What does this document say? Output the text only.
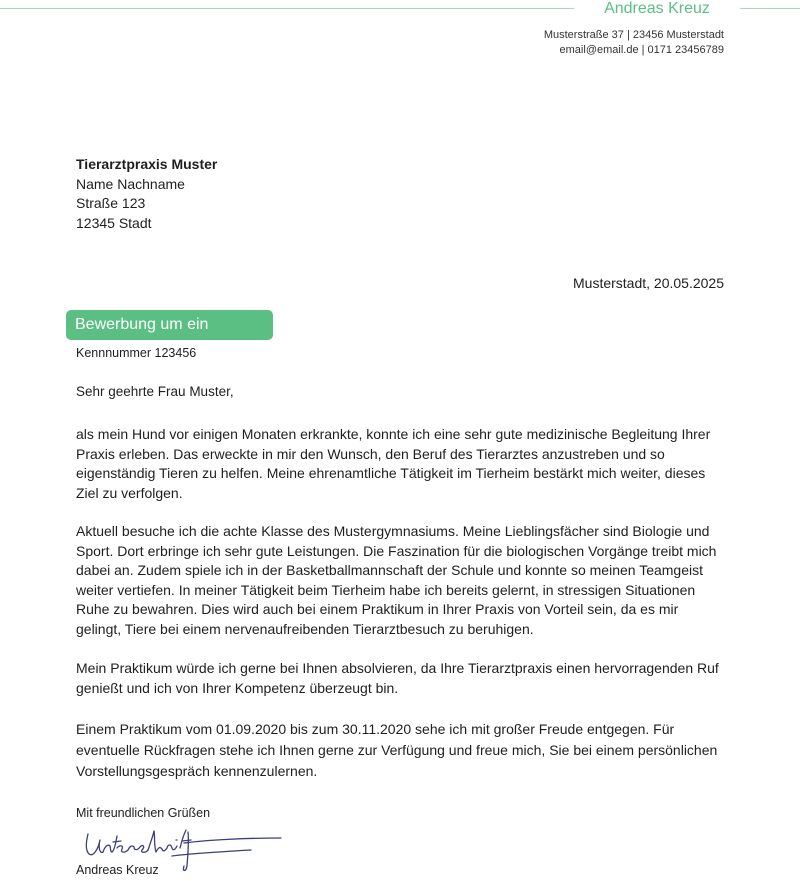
Andreas Kreuz
Musterstraße 37 | 23456 Musterstadt
email@email.de | 0171 23456789
Tierarztpraxis Muster
Name Nachname
Straße 123
12345 Stadt
Musterstadt, 20.05.2025
Bewerbung um ein
Kennnummer 123456
Sehr geehrte Frau Muster,

als mein Hund vor einigen Monaten erkrankte, konnte ich eine sehr gute medizinische Begleitung Ihrer Praxis erleben. Das erweckte in mir den Wunsch, den Beruf des Tierarztes anzustreben und so eigenständig Tieren zu helfen. Meine ehrenamtliche Tätigkeit im Tierheim bestärkt mich weiter, dieses Ziel zu verfolgen.

Aktuell besuche ich die achte Klasse des Mustergymnasiums. Meine Lieblingsfächer sind Biologie und Sport. Dort erbringe ich sehr gute Leistungen. Die Faszination für die biologischen Vorgänge treibt mich dabei an. Zudem spiele ich in der Basketballmannschaft der Schule und konnte so meinen Teamgeist weiter vertiefen. In meiner Tätigkeit beim Tierheim habe ich bereits gelernt, in stressigen Situationen Ruhe zu bewahren. Dies wird auch bei einem Praktikum in Ihrer Praxis von Vorteil sein, da es mir gelingt, Tiere bei einem nervenaufreibenden Tierarztbesuch zu beruhigen.

Mein Praktikum würde ich gerne bei Ihnen absolvieren, da Ihre Tierarztpraxis einen hervorragenden Ruf genießt und ich von Ihrer Kompetenz überzeugt bin.

Einem Praktikum vom 01.09.2020 bis zum 30.11.2020 sehe ich mit großer Freude entgegen. Für eventuelle Rückfragen stehe ich Ihnen gerne zur Verfügung und freue mich, Sie bei einem persönlichen Vorstellungsgespräch kennenzulernen.

Mit freundlichen Grüßen
Andreas Kreuz
